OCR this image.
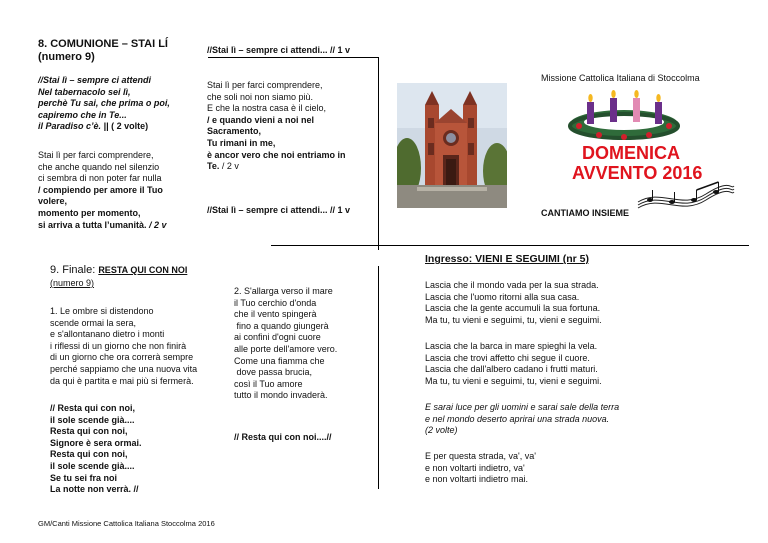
8. COMUNIONE – STAI LÍ
(numero 9)
//Stai lì – sempre ci attendi
Nel tabernacolo sei lì,
perchè Tu sai, che prima o poi,
capiremo che in Te...
il Paradiso c’è. || ( 2 volte)
Stai lì per farci comprendere,
che anche quando nel silenzio
ci sembra di non poter far nulla
/ compiendo per amore il Tuo
volere,
momento per momento,
si arriva a tutta l’umanità. / 2 v
9. Finale: RESTA QUI CON NOI
(numero 9)
1. Le ombre si distendono
scende ormai la sera,
e s'allontanano dietro i monti
i riflessi di un giorno che non finirà
di un giorno che ora correrà sempre
perché sappiamo che una nuova vita
da qui è partita e mai più si fermerà.
// Resta qui con noi,
il sole scende già....
Resta qui con noi,
Signore è sera ormai.
Resta qui con noi,
il sole scende già....
Se tu sei fra noi
La notte non verrà. //
GM/Canti Missione Cattolica Italiana Stoccolma 2016
//Stai lì – sempre ci attendi... // 1 v
Stai lì per farci comprendere,
che soli noi non siamo più.
E che la nostra casa è il cielo,
/ e quando vieni a noi nel
Sacramento,
Tu rimani in me,
è ancor vero che noi entriamo in
Te. / 2 v
//Stai lì – sempre ci attendi... // 1 v
2. S'allarga verso il mare
il Tuo cerchio d'onda
che il vento spingerà
fino a quando giungerà
ai confini d'ogni cuore
alle porte dell'amore vero.
Come una fiamma che
dove passa brucia,
così il Tuo amore
tutto il mondo invaderà.
// Resta qui con noi....//
Missione Cattolica Italiana di Stoccolma
DOMENICA
AVVENTO 2016
CANTIAMO INSIEME
Ingresso: VIENI E SEGUIMI (nr 5)
Lascia che il mondo vada per la sua strada.
Lascia che l'uomo ritorni alla sua casa.
Lascia che la gente accumuli la sua fortuna.
Ma tu, tu vieni e seguimi, tu, vieni e seguimi.
Lascia che la barca in mare spieghi la vela.
Lascia che trovi affetto chi segue il cuore.
Lascia che dall'albero cadano i frutti maturi.
Ma tu, tu vieni e seguimi, tu, vieni e seguimi.
E sarai luce per gli uomini e sarai sale della terra
e nel mondo deserto aprirai una strada nuova.
(2 volte)
E per questa strada, va', va'
e non voltarti indietro, va'
e non voltarti indietro mai.
